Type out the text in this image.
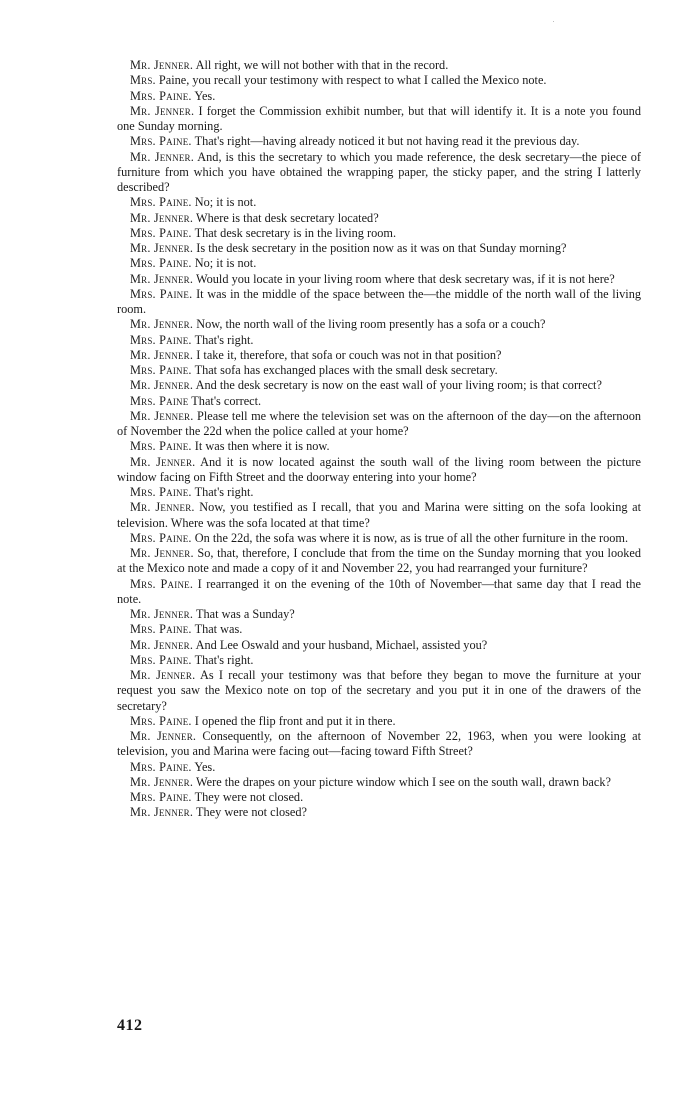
Mr. Jenner. All right, we will not bother with that in the record.

Mrs. Paine, you recall your testimony with respect to what I called the Mexico note.

Mrs. Paine. Yes.

Mr. Jenner. I forget the Commission exhibit number, but that will identify it. It is a note you found one Sunday morning.

Mrs. Paine. That's right—having already noticed it but not having read it the previous day.

Mr. Jenner. And, is this the secretary to which you made reference, the desk secretary—the piece of furniture from which you have obtained the wrapping paper, the sticky paper, and the string I latterly described?

Mrs. Paine. No; it is not.

Mr. Jenner. Where is that desk secretary located?

Mrs. Paine. That desk secretary is in the living room.

Mr. Jenner. Is the desk secretary in the position now as it was on that Sunday morning?

Mrs. Paine. No; it is not.

Mr. Jenner. Would you locate in your living room where that desk secretary was, if it is not here?

Mrs. Paine. It was in the middle of the space between the—the middle of the north wall of the living room.

Mr. Jenner. Now, the north wall of the living room presently has a sofa or a couch?

Mrs. Paine. That's right.

Mr. Jenner. I take it, therefore, that sofa or couch was not in that position?

Mrs. Paine. That sofa has exchanged places with the small desk secretary.

Mr. Jenner. And the desk secretary is now on the east wall of your living room; is that correct?

Mrs. Paine That's correct.

Mr. Jenner. Please tell me where the television set was on the afternoon of the day—on the afternoon of November the 22d when the police called at your home?

Mrs. Paine. It was then where it is now.

Mr. Jenner. And it is now located against the south wall of the living room between the picture window facing on Fifth Street and the doorway entering into your home?

Mrs. Paine. That's right.

Mr. Jenner. Now, you testified as I recall, that you and Marina were sitting on the sofa looking at television. Where was the sofa located at that time?

Mrs. Paine. On the 22d, the sofa was where it is now, as is true of all the other furniture in the room.

Mr. Jenner. So, that, therefore, I conclude that from the time on the Sunday morning that you looked at the Mexico note and made a copy of it and November 22, you had rearranged your furniture?

Mrs. Paine. I rearranged it on the evening of the 10th of November—that same day that I read the note.

Mr. Jenner. That was a Sunday?

Mrs. Paine. That was.

Mr. Jenner. And Lee Oswald and your husband, Michael, assisted you?

Mrs. Paine. That's right.

Mr. Jenner. As I recall your testimony was that before they began to move the furniture at your request you saw the Mexico note on top of the secretary and you put it in one of the drawers of the secretary?

Mrs. Paine. I opened the flip front and put it in there.

Mr. Jenner. Consequently, on the afternoon of November 22, 1963, when you were looking at television, you and Marina were facing out—facing toward Fifth Street?

Mrs. Paine. Yes.

Mr. Jenner. Were the drapes on your picture window which I see on the south wall, drawn back?

Mrs. Paine. They were not closed.

Mr. Jenner. They were not closed?

412
